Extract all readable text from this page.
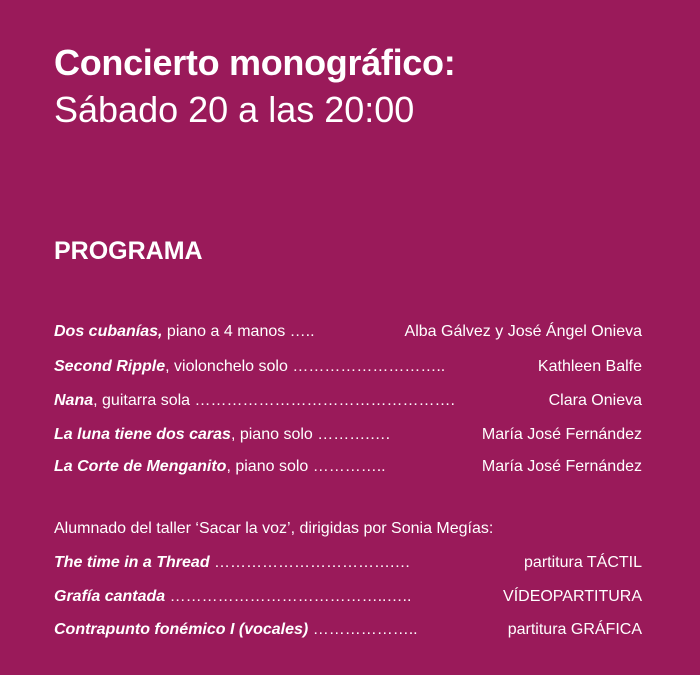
Concierto monográfico:
Sábado 20 a las 20:00
PROGRAMA
Dos cubanías, piano a 4 manos …..	Alba Gálvez y José Ángel Onieva
Second Ripple, violonchelo solo ………………………..	Kathleen Balfe
Nana, guitarra sola ………………………………………….	Clara Onieva
La luna tiene dos caras, piano solo ……….….	María José Fernández
La Corte de Menganito, piano solo …………..	María José Fernández
Alumnado del taller ‘Sacar la voz’, dirigidas por Sonia Megías:
The time in a Thread …………………………….…	partitura TÁCTIL
Grafía cantada …………………………………..…..	VÍDEOPARTITURA
Contrapunto fonémico I (vocales) ………………..	partitura GRÁFICA
